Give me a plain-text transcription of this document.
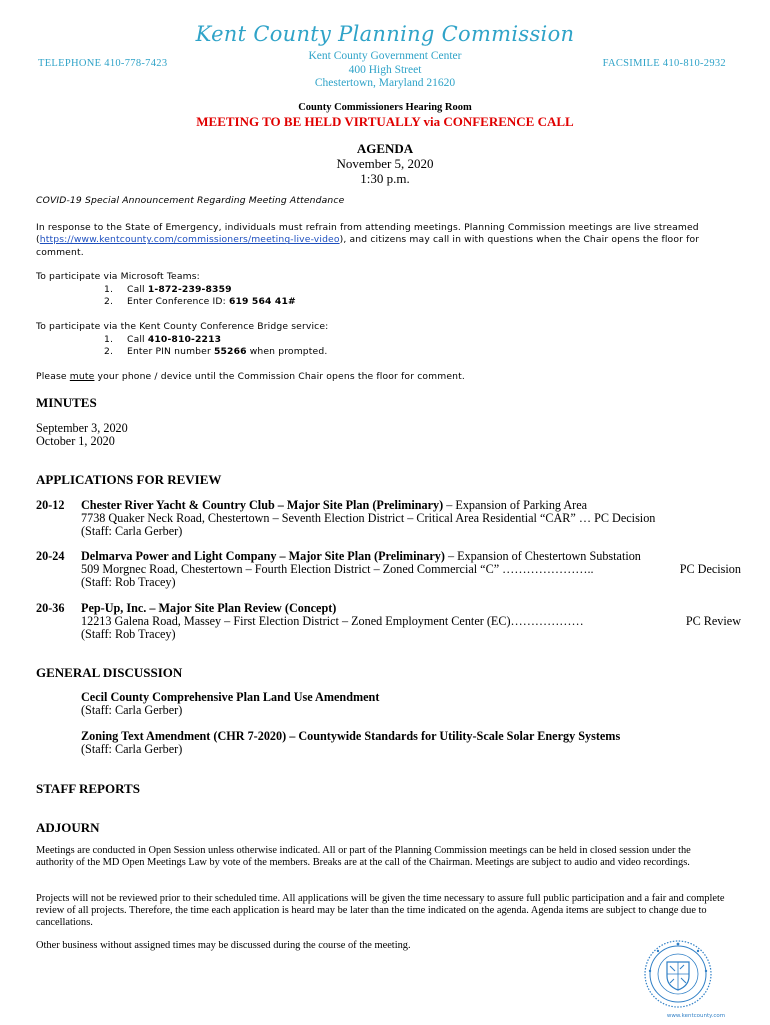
Kent County Planning Commission
TELEPHONE 410-778-7423	FACSIMILE 410-810-2932
Kent County Government Center
400 High Street
Chestertown, Maryland 21620
County Commissioners Hearing Room
MEETING TO BE HELD VIRTUALLY via CONFERENCE CALL
AGENDA
November 5, 2020
1:30 p.m.
COVID-19 Special Announcement Regarding Meeting Attendance
In response to the State of Emergency, individuals must refrain from attending meetings. Planning Commission meetings are live streamed (https://www.kentcounty.com/commissioners/meeting-live-video), and citizens may call in with questions when the Chair opens the floor for comment.
To participate via Microsoft Teams:
1. Call 1-872-239-8359
2. Enter Conference ID: 619 564 41#
To participate via the Kent County Conference Bridge service:
1. Call 410-810-2213
2. Enter PIN number 55266 when prompted.
Please mute your phone / device until the Commission Chair opens the floor for comment.
MINUTES
September 3, 2020
October 1, 2020
APPLICATIONS FOR REVIEW
20-12 Chester River Yacht & Country Club – Major Site Plan (Preliminary) – Expansion of Parking Area
7738 Quaker Neck Road, Chestertown – Seventh Election District – Critical Area Residential “CAR” … PC Decision
(Staff: Carla Gerber)
20-24 Delmarva Power and Light Company – Major Site Plan (Preliminary) – Expansion of Chestertown Substation
509 Morgnec Road, Chestertown – Fourth Election District – Zoned Commercial “C” …………………..	PC Decision
(Staff: Rob Tracey)
20-36 Pep-Up, Inc. – Major Site Plan Review (Concept)
12213 Galena Road, Massey – First Election District – Zoned Employment Center (EC)………………	PC Review
(Staff: Rob Tracey)
GENERAL DISCUSSION
Cecil County Comprehensive Plan Land Use Amendment
(Staff: Carla Gerber)
Zoning Text Amendment (CHR 7-2020) – Countywide Standards for Utility-Scale Solar Energy Systems
(Staff: Carla Gerber)
STAFF REPORTS
ADJOURN
Meetings are conducted in Open Session unless otherwise indicated. All or part of the Planning Commission meetings can be held in closed session under the authority of the MD Open Meetings Law by vote of the members. Breaks are at the call of the Chairman. Meetings are subject to audio and video recordings.
Projects will not be reviewed prior to their scheduled time. All applications will be given the time necessary to assure full public participation and a fair and complete review of all projects. Therefore, the time each application is heard may be later than the time indicated on the agenda. Agenda items are subject to change due to cancellations.
Other business without assigned times may be discussed during the course of the meeting.
www.kentcounty.com
